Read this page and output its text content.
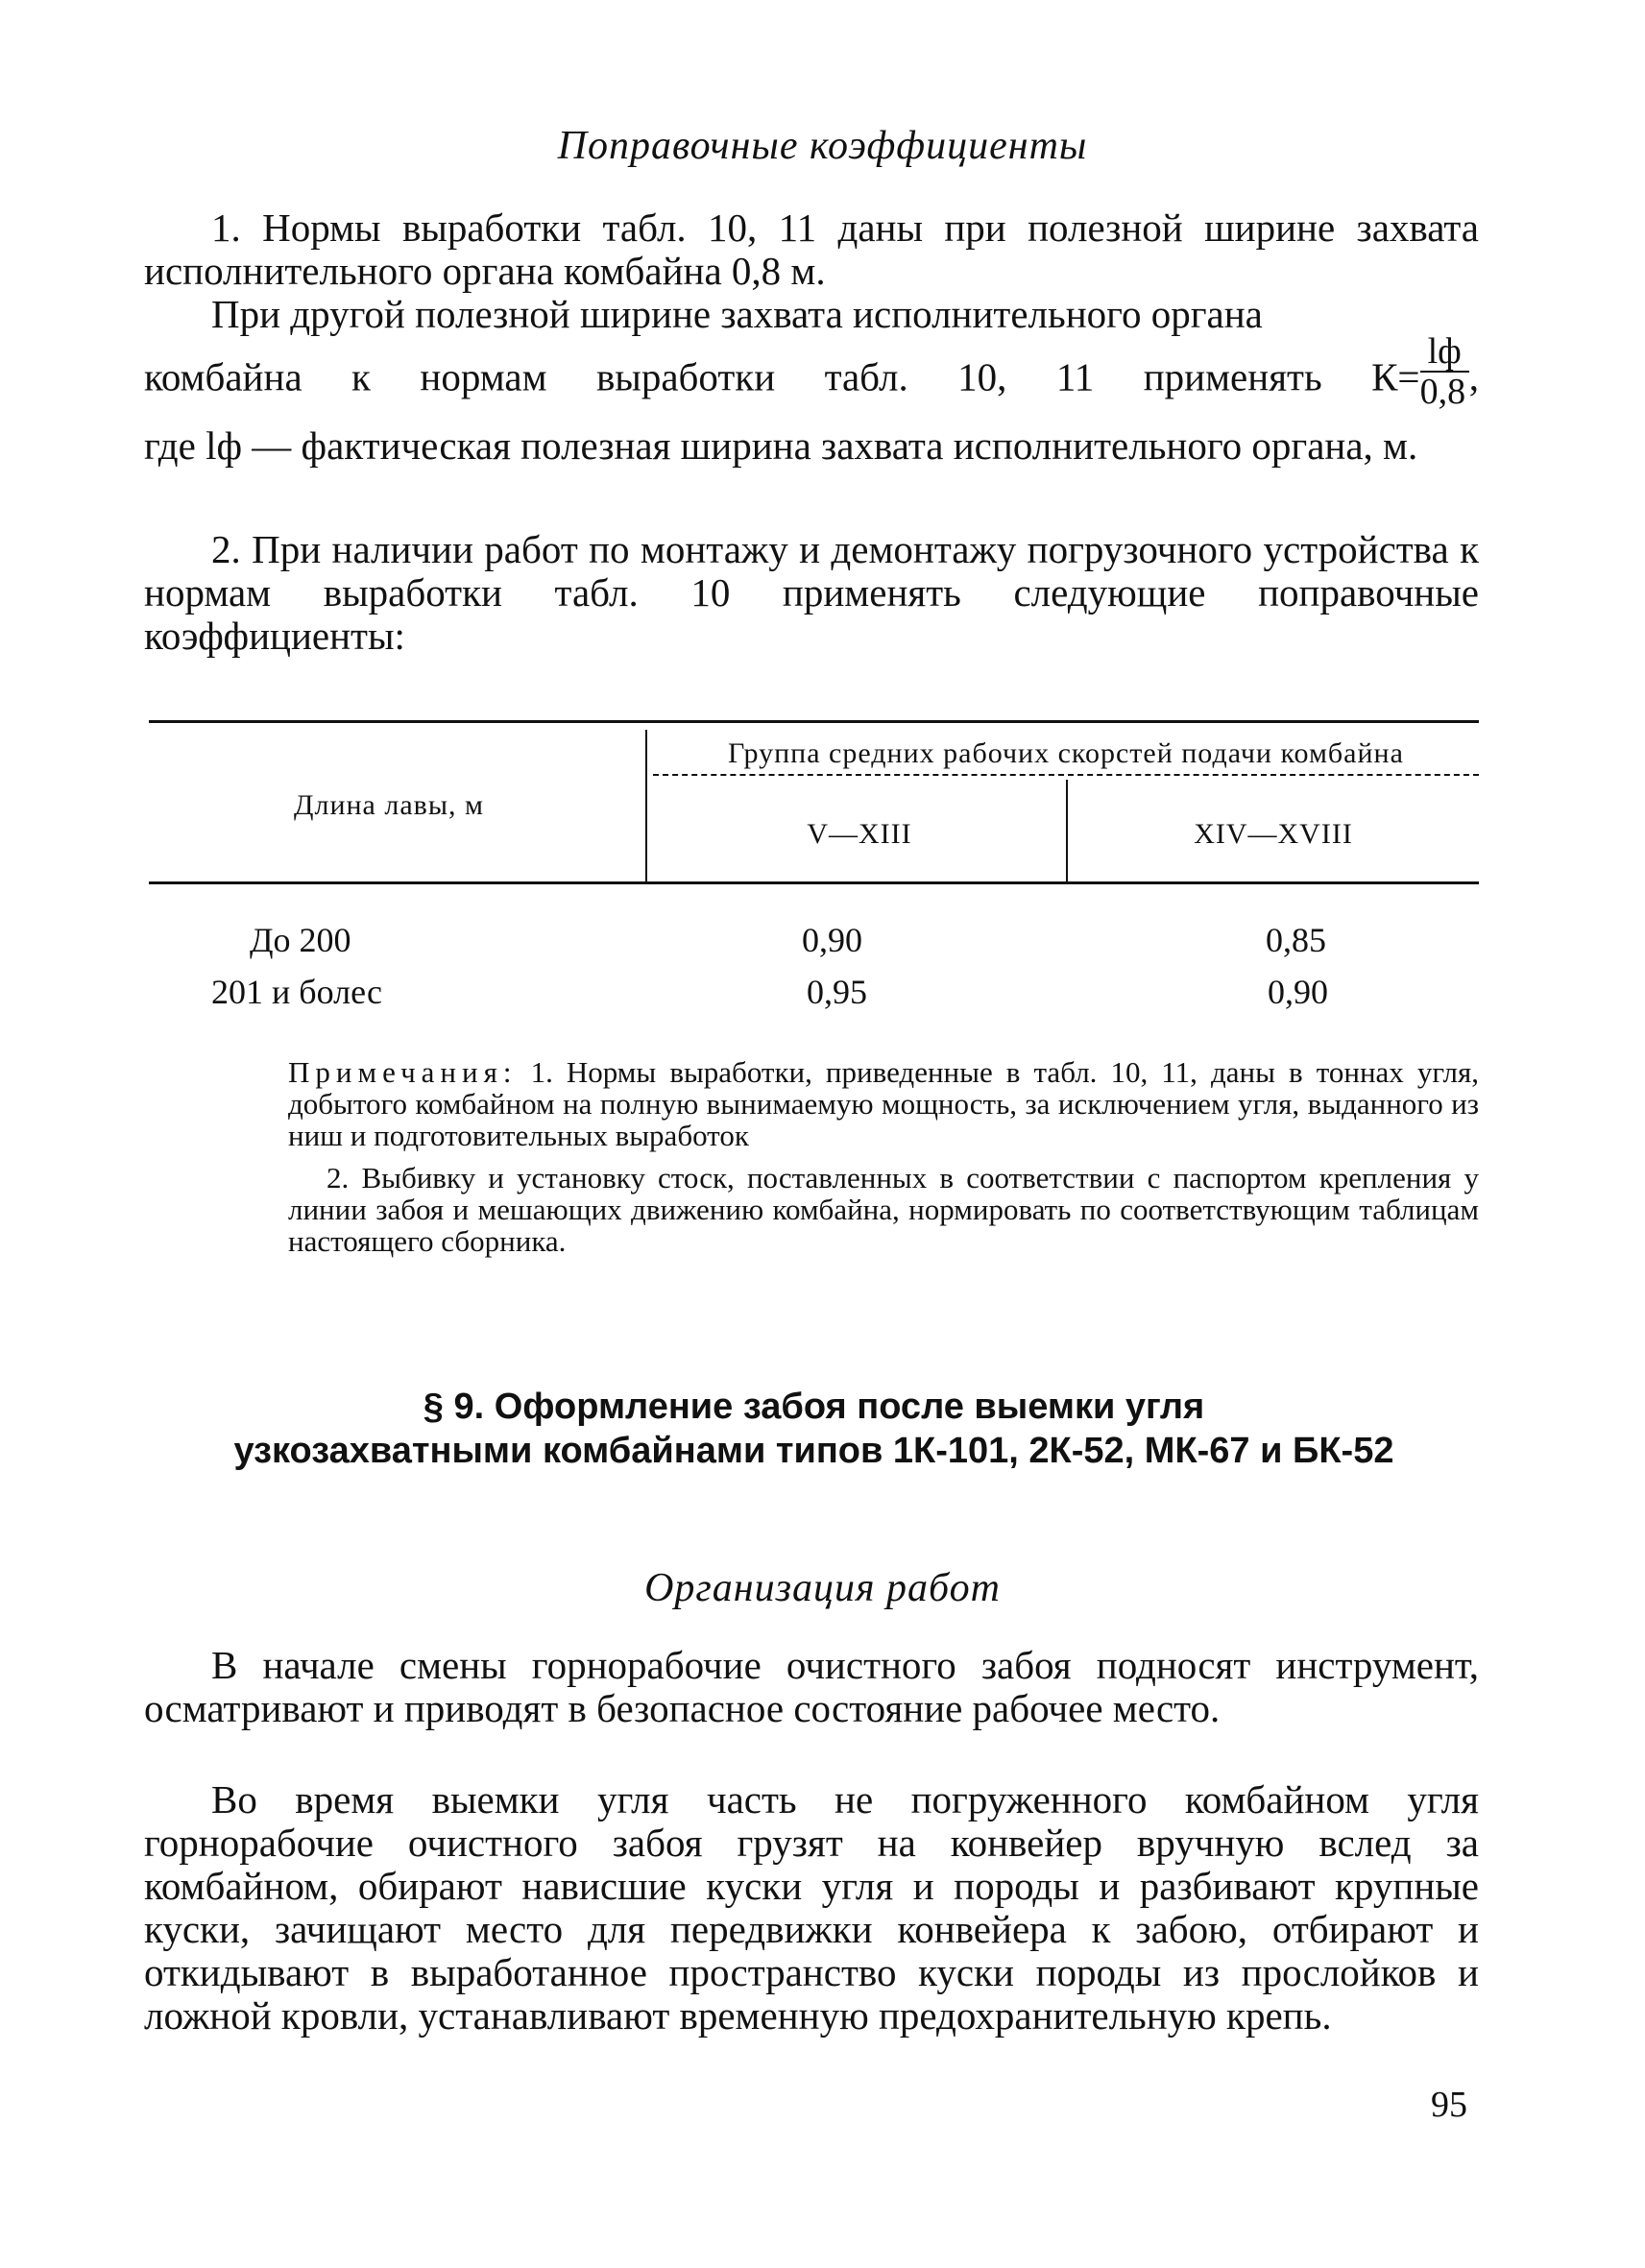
Поправочные коэффициенты
1. Нормы выработки табл. 10, 11 даны при полезной ширине захвата исполнительного органа комбайна 0,8 м.
При другой полезной ширине захвата исполнительного органа
комбайна к нормам выработки табл. 10, 11 применять $К= \frac{lф}{0,8}$ ,
где lф — фактическая полезная ширина захвата исполнительного органа, м.
2. При наличии работ по монтажу и демонтажу погрузочного устройства к нормам выработки табл. 10 применять следующие поправочные коэффициенты:
Длина лавы, м
Группа средних рабочих скорстей подачи комбайна
V—XIII	XIV—XVIII
До 200	0,90	0,85
201 и болес	0,95	0,90
Примечания: 1. Нормы выработки, приведенные в табл. 10, 11, даны в тоннах угля, добытого комбайном на полную вынимаемую мощность, за исключением угля, выданного из ниш и подготовительных выработок
2. Выбивку и установку стоск, поставленных в соответствии с паспортом крепления у линии забоя и мешающих движению комбайна, нормировать по соответствующим таблицам настоящего сборника.
§ 9. Оформление забоя после выемки угля
узкозахватными комбайнами типов 1К-101, 2К-52, МК-67 и БК-52
Организация работ
В начале смены горнорабочие очистного забоя подносят инструмент, осматривают и приводят в безопасное состояние рабочее место.
Во время выемки угля часть не погруженного комбайном угля горнорабочие очистного забоя грузят на конвейер вручную вслед за комбайном, обирают нависшие куски угля и породы и разбивают крупные куски, зачищают место для передвижки конвейера к забою, отбирают и откидывают в выработанное пространство куски породы из прослойков и ложной кровли, устанавливают временную предохранительную крепь.
95
